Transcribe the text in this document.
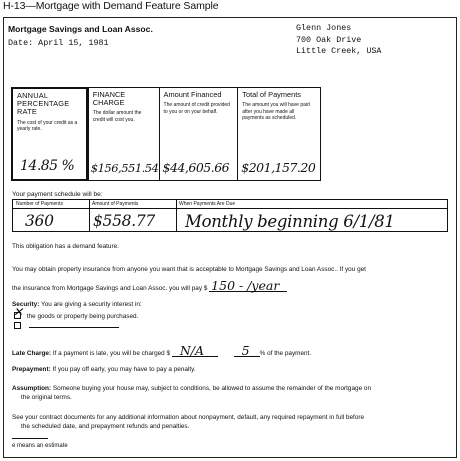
H-13—Mortgage with Demand Feature Sample
Mortgage Savings and Loan Assoc.
Date: April 15, 1981
Glenn Jones
700 Oak Drive
Little Creek, USA
ANNUAL PERCENTAGE RATE
The cost of your credit as a yearly rate.
14.85 %
FINANCE CHARGE
The dollar amount the credit will cost you.
$156,551.54
Amount Financed
The amount of credit provided to you or on your behalf.
$44,605.66
Total of Payments
The amount you will have paid after you have made all payments as scheduled.
$201,157.20
Your payment schedule will be:
Number of Payments	Amount of Payments	When Payments Are Due
360	$558.77 Monthly beginning 6/1/81
This obligation has a demand feature.
You may obtain property insurance from anyone you want that is acceptable to Mortgage Savings and Loan Assoc.. If you get
the insurance from Mortgage Savings and Loan Assoc. you will pay $ 150 - /year
Security: You are giving a security interest in:
✕ the goods or property being purchased.

Late Charge: If a payment is late, you will be charged $ N/A	5 % of the payment.
Prepayment: If you pay off early, you may have to pay a penalty.
Assumption: Someone buying your house may, subject to conditions, be allowed to assume the remainder of the mortgage on
the original terms.
See your contract documents for any additional information about nonpayment, default, any required repayment in full before
the scheduled date, and prepayment refunds and penalties.
e means an estimate
